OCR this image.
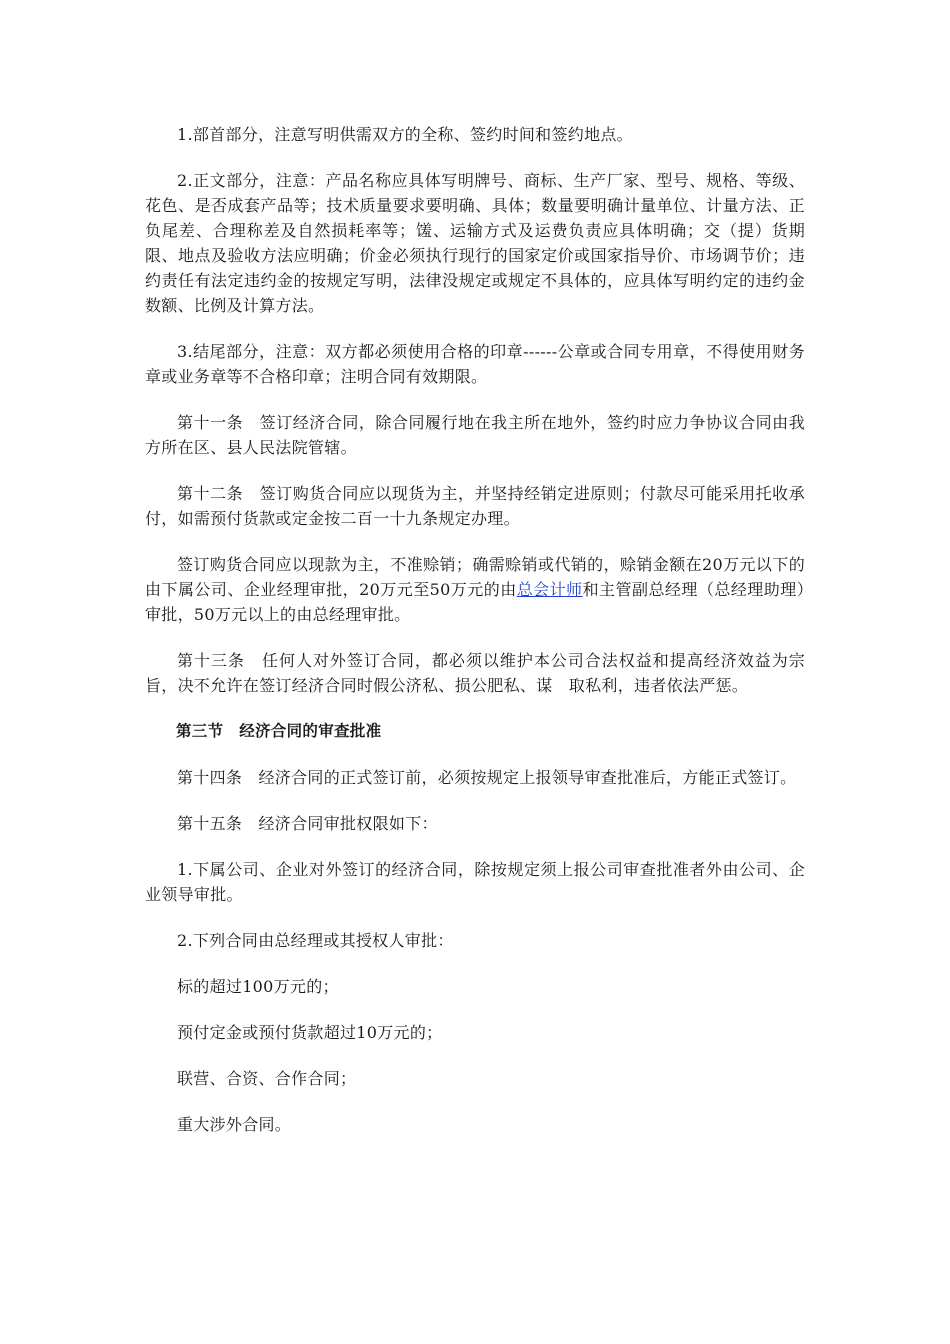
1.部首部分，注意写明供需双方的全称、签约时间和签约地点。

2.正文部分，注意：产品名称应具体写明牌号、商标、生产厂家、型号、规格、等级、花色、是否成套产品等；技术质量要求要明确、具体；数量要明确计量单位、计量方法、正负尾差、合理称差及自然损耗率等；馐、运输方式及运费负责应具体明确；交（提）货期限、地点及验收方法应明确；价金必须执行现行的国家定价或国家指导价、市场调节价；违约责任有法定违约金的按规定写明，法律没规定或规定不具体的，应具体写明约定的违约金数额、比例及计算方法。

3.结尾部分，注意：双方都必须使用合格的印章------公章或合同专用章，不得使用财务章或业务章等不合格印章；注明合同有效期限。

第十一条　签订经济合同，除合同履行地在我主所在地外，签约时应力争协议合同由我方所在区、县人民法院管辖。

第十二条　签订购货合同应以现货为主，并坚持经销定进原则；付款尽可能采用托收承付，如需预付货款或定金按二百一十九条规定办理。

签订购货合同应以现款为主，不准赊销；确需赊销或代销的，赊销金额在20万元以下的由下属公司、企业经理审批，20万元至50万元的由总会计师和主管副总经理（总经理助理）审批，50万元以上的由总经理审批。

第十三条　任何人对外签订合同，都必须以维护本公司合法权益和提高经济效益为宗旨，决不允许在签订经济合同时假公济私、损公肥私、谋　取私利，违者依法严惩。

第三节　经济合同的审查批准

第十四条　经济合同的正式签订前，必须按规定上报领导审查批准后，方能正式签订。

第十五条　经济合同审批权限如下：

1.下属公司、企业对外签订的经济合同，除按规定须上报公司审查批准者外由公司、企业领导审批。

2.下列合同由总经理或其授权人审批：

标的超过100万元的；

预付定金或预付货款超过10万元的；

联营、合资、合作合同；

重大涉外合同。
